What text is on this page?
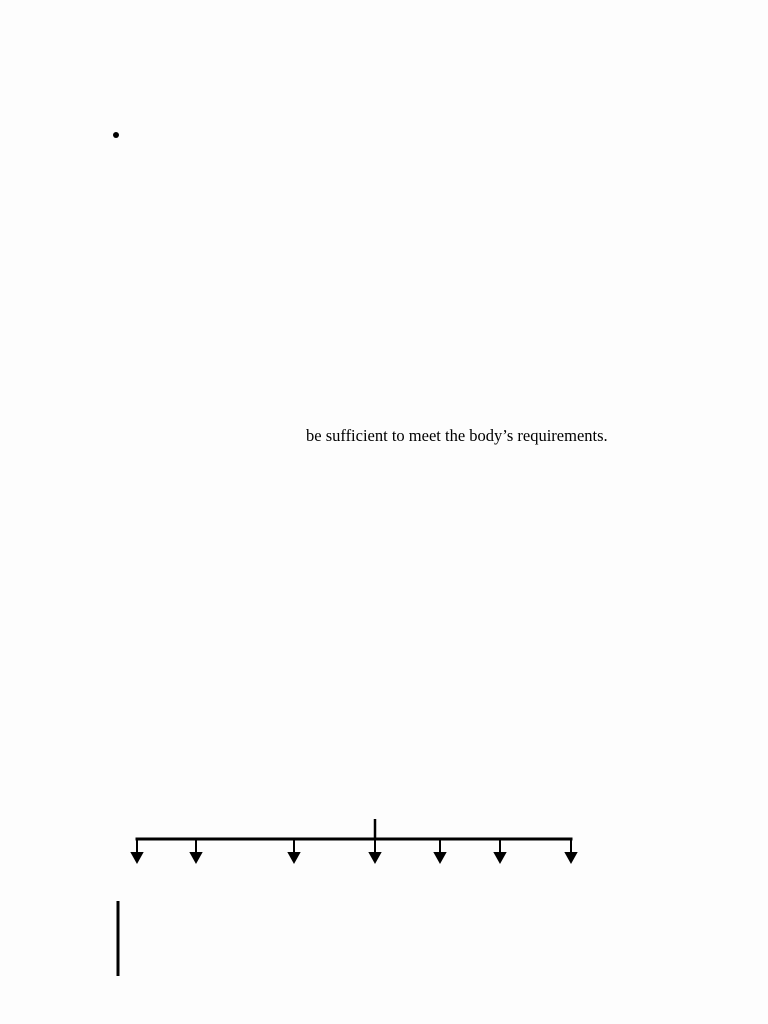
be sufficient to meet the body’s requirements.
